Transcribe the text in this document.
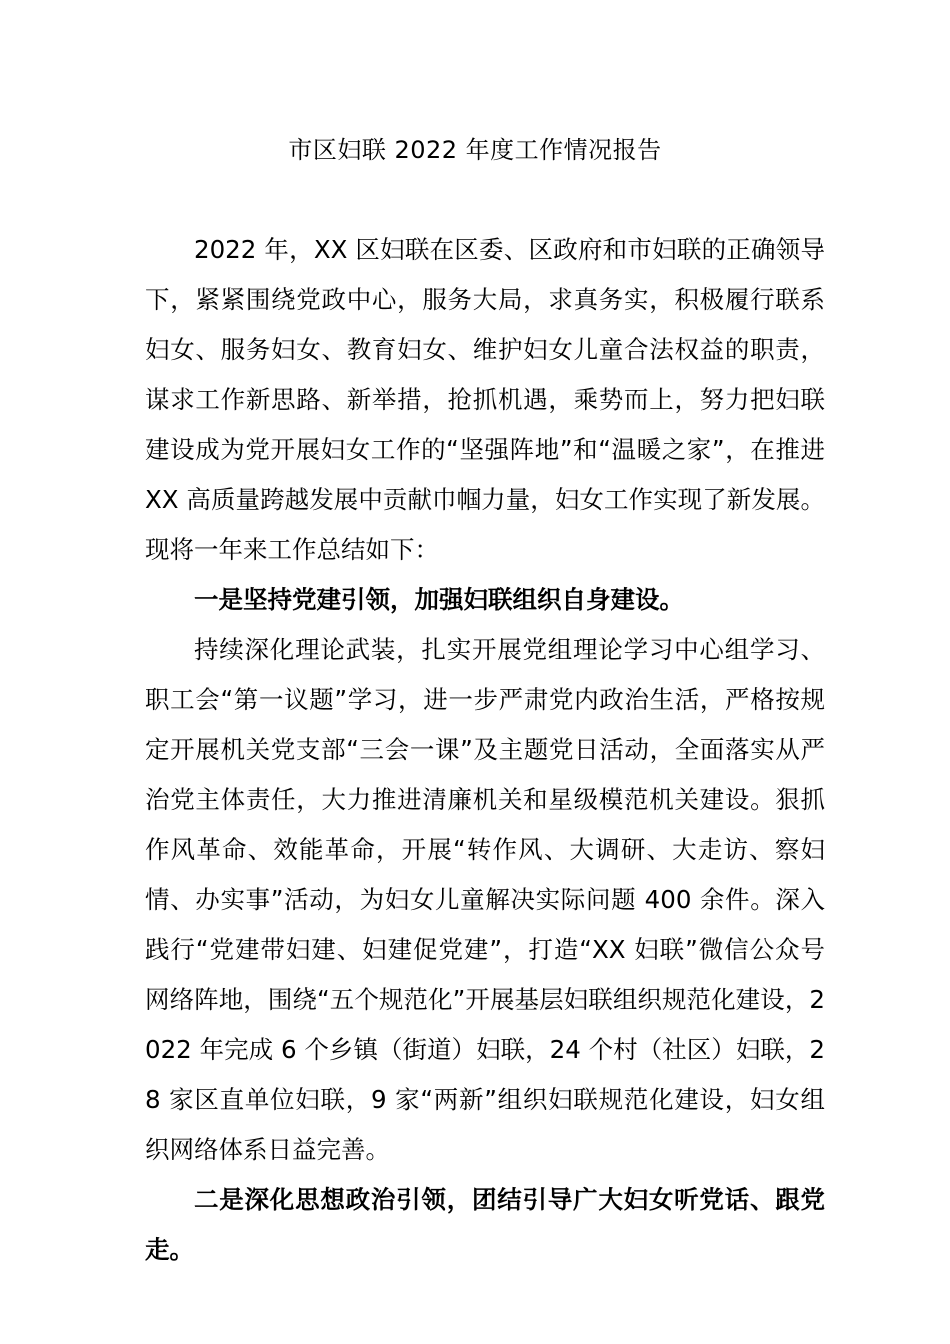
市区妇联 2022 年度工作情况报告

2022 年，XX 区妇联在区委、区政府和市妇联的正确领导下，紧紧围绕党政中心，服务大局，求真务实，积极履行联系妇女、服务妇女、教育妇女、维护妇女儿童合法权益的职责，谋求工作新思路、新举措，抢抓机遇，乘势而上，努力把妇联建设成为党开展妇女工作的“坚强阵地”和“温暖之家”，在推进 XX 高质量跨越发展中贡献巾帼力量，妇女工作实现了新发展。现将一年来工作总结如下：

一是坚持党建引领，加强妇联组织自身建设。

持续深化理论武装，扎实开展党组理论学习中心组学习、职工会“第一议题”学习，进一步严肃党内政治生活，严格按规定开展机关党支部“三会一课”及主题党日活动，全面落实从严治党主体责任，大力推进清廉机关和星级模范机关建设。狠抓作风革命、效能革命，开展“转作风、大调研、大走访、察妇情、办实事”活动，为妇女儿童解决实际问题 400 余件。深入践行“党建带妇建、妇建促党建”，打造“XX 妇联”微信公众号网络阵地，围绕“五个规范化”开展基层妇联组织规范化建设，2022 年完成 6 个乡镇（街道）妇联，24 个村（社区）妇联，28 家区直单位妇联，9 家“两新”组织妇联规范化建设，妇女组织网络体系日益完善。

二是深化思想政治引领，团结引导广大妇女听党话、跟党走。
